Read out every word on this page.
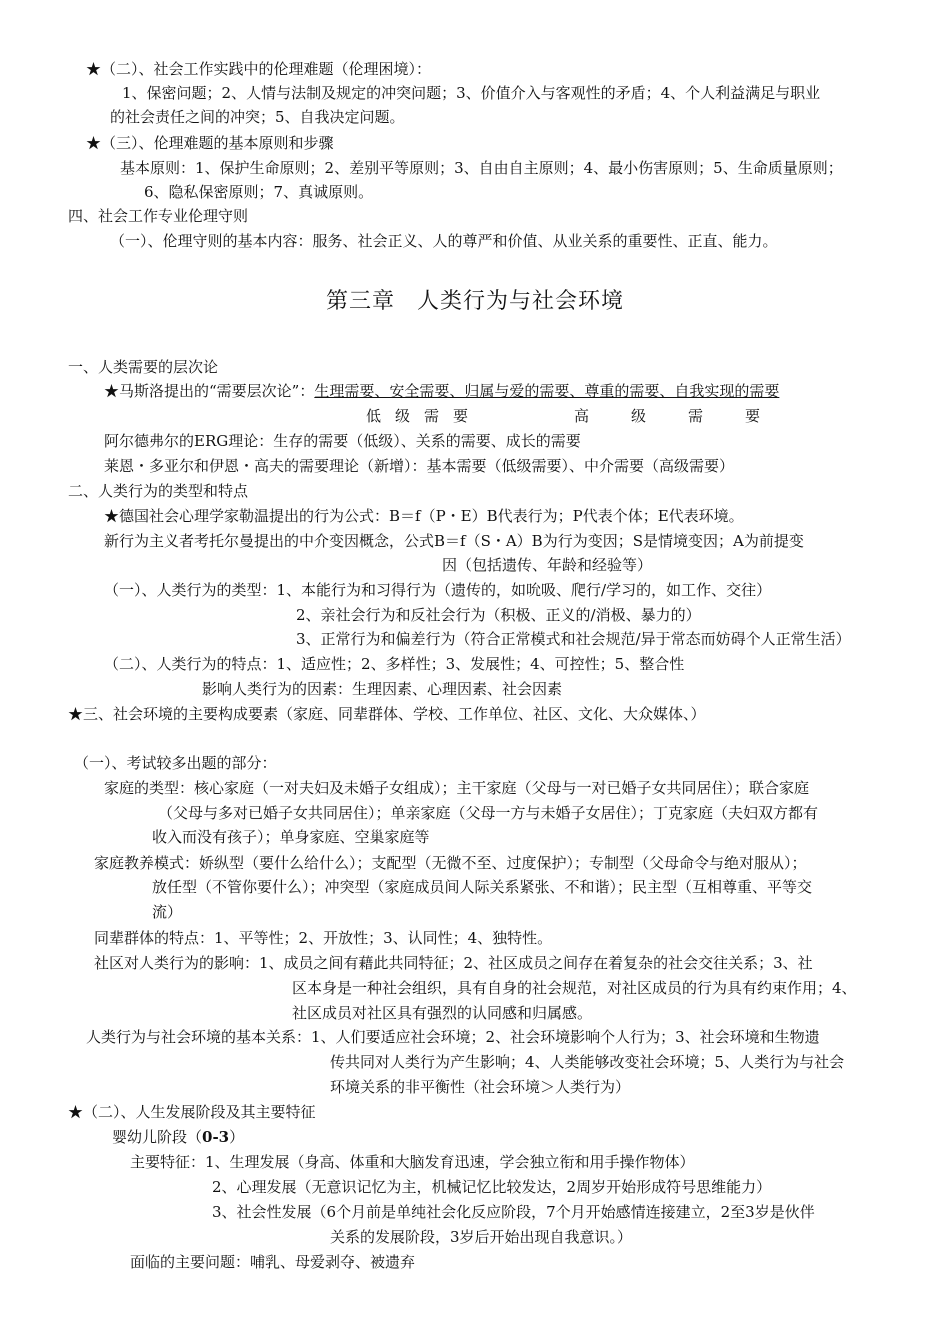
★（二）、社会工作实践中的伦理难题（伦理困境）：
1、保密问题；2、人情与法制及规定的冲突问题；3、价值介入与客观性的矛盾；4、个人利益满足与职业
的社会责任之间的冲突；5、自我决定问题。
★（三）、伦理难题的基本原则和步骤
基本原则：1、保护生命原则；2、差别平等原则；3、自由自主原则；4、最小伤害原则；5、生命质量原则；
6、隐私保密原则；7、真诚原则。
四、社会工作专业伦理守则
（一）、伦理守则的基本内容：服务、社会正义、人的尊严和价值、从业关系的重要性、正直、能力。
第三章 人类行为与社会环境
一、人类需要的层次论
★马斯洛提出的“需要层次论”：生理需要、安全需要、归属与爱的需要、尊重的需要、自我实现的需要
低级需要	高级需要
阿尔德弗尔的ERG理论：生存的需要（低级）、关系的需要、成长的需要
莱恩・多亚尔和伊恩・高夫的需要理论（新增）：基本需要（低级需要）、中介需要（高级需要）
二、人类行为的类型和特点
★德国社会心理学家勒温提出的行为公式：B＝f（P・E）B代表行为；P代表个体；E代表环境。
新行为主义者考托尔曼提出的中介变因概念，公式B＝f（S・A）B为行为变因；S是情境变因；A为前提变
因（包括遗传、年龄和经验等）
（一）、人类行为的类型：1、本能行为和习得行为（遗传的，如吮吸、爬行/学习的，如工作、交往）
2、亲社会行为和反社会行为（积极、正义的/消极、暴力的）
3、正常行为和偏差行为（符合正常模式和社会规范/异于常态而妨碍个人正常生活）
（二）、人类行为的特点：1、适应性；2、多样性；3、发展性；4、可控性；5、整合性
影响人类行为的因素：生理因素、心理因素、社会因素
★三、社会环境的主要构成要素（家庭、同辈群体、学校、工作单位、社区、文化、大众媒体、）
（一）、考试较多出题的部分：
家庭的类型：核心家庭（一对夫妇及未婚子女组成）；主干家庭（父母与一对已婚子女共同居住）；联合家庭
（父母与多对已婚子女共同居住）；单亲家庭（父母一方与未婚子女居住）；丁克家庭（夫妇双方都有
收入而没有孩子）；单身家庭、空巢家庭等
家庭教养模式：娇纵型（要什么给什么）；支配型（无微不至、过度保护）；专制型（父母命令与绝对服从）；
放任型（不管你要什么）；冲突型（家庭成员间人际关系紧张、不和谐）；民主型（互相尊重、平等交
流）
同辈群体的特点：1、平等性；2、开放性；3、认同性；4、独特性。
社区对人类行为的影响：1、成员之间有藉此共同特征；2、社区成员之间存在着复杂的社会交往关系；3、社
区本身是一种社会组织，具有自身的社会规范，对社区成员的行为具有约束作用；4、
社区成员对社区具有强烈的认同感和归属感。
人类行为与社会环境的基本关系：1、人们要适应社会环境；2、社会环境影响个人行为；3、社会环境和生物遗
传共同对人类行为产生影响；4、人类能够改变社会环境；5、人类行为与社会
环境关系的非平衡性（社会环境＞人类行为）
★（二）、人生发展阶段及其主要特征
婴幼儿阶段（0-3）
主要特征：1、生理发展（身高、体重和大脑发育迅速，学会独立衔和用手操作物体）
2、心理发展（无意识记忆为主，机械记忆比较发达，2周岁开始形成符号思维能力）
3、社会性发展（6个月前是单纯社会化反应阶段，7个月开始感情连接建立，2至3岁是伙伴
关系的发展阶段，3岁后开始出现自我意识。）
面临的主要问题：哺乳、母爱剥夺、被遗弃
